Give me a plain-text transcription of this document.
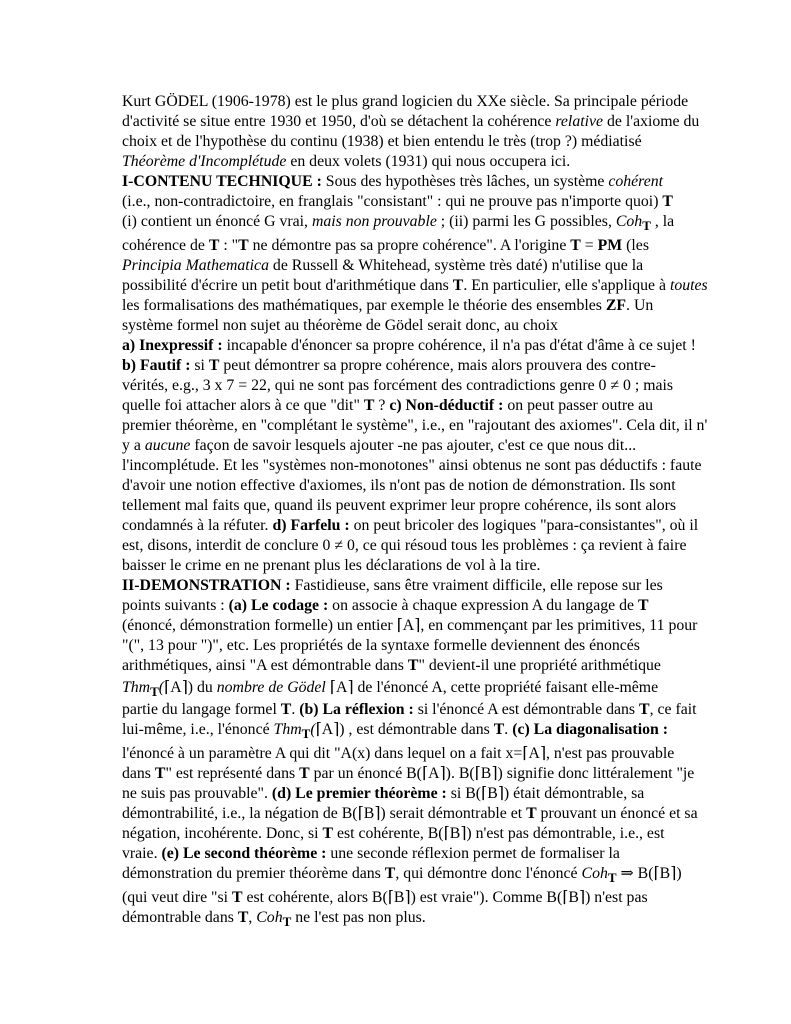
Kurt GÖDEL (1906-1978) est le plus grand logicien du XXe siècle. Sa principale période
d'activité se situe entre 1930 et 1950, d'où se détachent la cohérence relative de l'axiome du
choix et de l'hypothèse du continu (1938) et bien entendu le très (trop ?) médiatisé
Théorème d'Incomplétude en deux volets (1931) qui nous occupera ici.
I-CONTENU TECHNIQUE : Sous des hypothèses très lâches, un système cohérent
(i.e., non-contradictoire, en franglais "consistant" : qui ne prouve pas n'importe quoi) T
(i) contient un énoncé G vrai, mais non prouvable ; (ii) parmi les G possibles, Coh$_T$ , la
cohérence de T : "T ne démontre pas sa propre cohérence". A l'origine T = PM (les
Principia Mathematica de Russell & Whitehead, système très daté) n'utilise que la
possibilité d'écrire un petit bout d'arithmétique dans T. En particulier, elle s'applique à toutes
les formalisations des mathématiques, par exemple le théorie des ensembles ZF. Un
système formel non sujet au théorème de Gödel serait donc, au choix
a) Inexpressif : incapable d'énoncer sa propre cohérence, il n'a pas d'état d'âme à ce sujet !
b) Fautif : si T peut démontrer sa propre cohérence, mais alors prouvera des contre-
vérités, e.g., 3 x 7 = 22, qui ne sont pas forcément des contradictions genre 0 ≠ 0 ; mais
quelle foi attacher alors à ce que "dit" T ? c) Non-déductif : on peut passer outre au
premier théorème, en "complétant le système", i.e., en "rajoutant des axiomes". Cela dit, il n'
y a aucune façon de savoir lesquels ajouter -ne pas ajouter, c'est ce que nous dit...
l'incomplétude. Et les "systèmes non-monotones" ainsi obtenus ne sont pas déductifs : faute
d'avoir une notion effective d'axiomes, ils n'ont pas de notion de démonstration. Ils sont
tellement mal faits que, quand ils peuvent exprimer leur propre cohérence, ils sont alors
condamnés à la réfuter. d) Farfelu : on peut bricoler des logiques "para-consistantes", où il
est, disons, interdit de conclure 0 ≠ 0, ce qui résoud tous les problèmes : ça revient à faire
baisser le crime en ne prenant plus les déclarations de vol à la tire.
II-DEMONSTRATION : Fastidieuse, sans être vraiment difficile, elle repose sur les
points suivants : (a) Le codage : on associe à chaque expression A du langage de T
(énoncé, démonstration formelle) un entier ⌈A⌉, en commençant par les primitives, 11 pour
"(", 13 pour ")", etc. Les propriétés de la syntaxe formelle deviennent des énoncés
arithmétiques, ainsi "A est démontrable dans T" devient-il une propriété arithmétique
Thm$_T$(⌈A⌉) du nombre de Gödel ⌈A⌉ de l'énoncé A, cette propriété faisant elle-même
partie du langage formel T. (b) La réflexion : si l'énoncé A est démontrable dans T, ce fait
lui-même, i.e., l'énoncé Thm$_T$(⌈A⌉) , est démontrable dans T. (c) La diagonalisation :
l'énoncé à un paramètre A qui dit "A(x) dans lequel on a fait x=⌈A⌉, n'est pas prouvable
dans T" est représenté dans T par un énoncé B(⌈A⌉). B(⌈B⌉) signifie donc littéralement "je
ne suis pas prouvable". (d) Le premier théorème : si B(⌈B⌉) était démontrable, sa
démontrabilité, i.e., la négation de B(⌈B⌉) serait démontrable et T prouvant un énoncé et sa
négation, incohérente. Donc, si T est cohérente, B(⌈B⌉) n'est pas démontrable, i.e., est
vraie. (e) Le second théorème : une seconde réflexion permet de formaliser la
démonstration du premier théorème dans T, qui démontre donc l'énoncé Coh$_T$ ⇒ B(⌈B⌉)
(qui veut dire "si T est cohérente, alors B(⌈B⌉) est vraie"). Comme B(⌈B⌉) n'est pas
démontrable dans T, Coh$_T$ ne l'est pas non plus.
